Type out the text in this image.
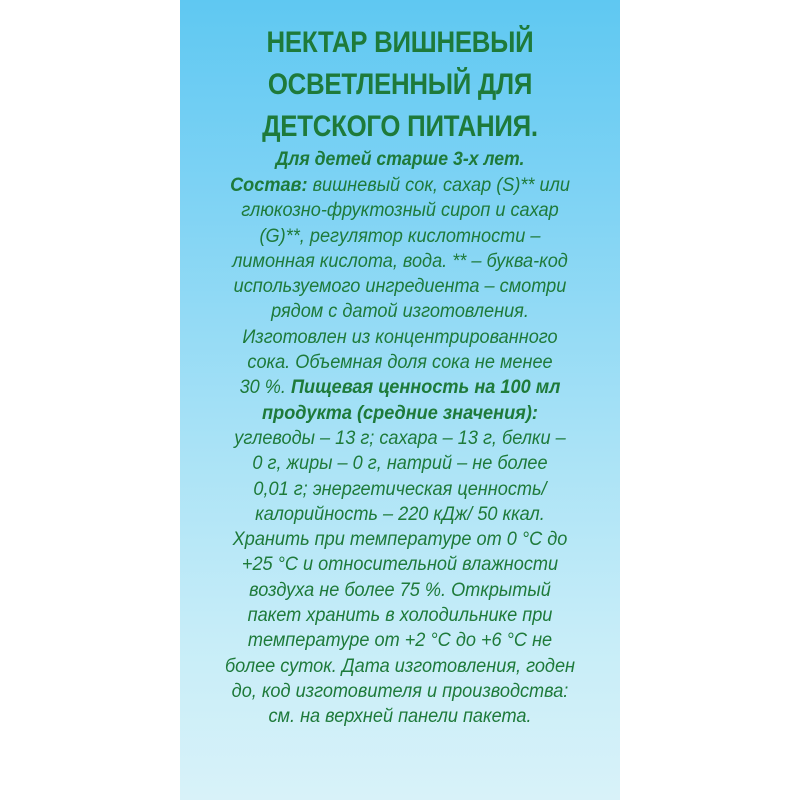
НЕКТАР ВИШНЕВЫЙ
ОСВЕТЛЕННЫЙ ДЛЯ
ДЕТСКОГО ПИТАНИЯ.
Для детей старше 3-х лет.
Состав: вишневый сок, сахар (S)** или
глюкозно-фруктозный сироп и сахар
(G)**, регулятор кислотности –
лимонная кислота, вода. ** – буква-код
используемого ингредиента – смотри
рядом с датой изготовления.
Изготовлен из концентрированного
сока. Объемная доля сока не менее
30 %. Пищевая ценность на 100 мл
продукта (средние значения):
углеводы – 13 г; сахара – 13 г, белки –
0 г, жиры – 0 г, натрий – не более
0,01 г; энергетическая ценность/
калорийность – 220 кДж/ 50 ккал.
Хранить при температуре от 0 °С до
+25 °С и относительной влажности
воздуха не более 75 %. Открытый
пакет хранить в холодильнике при
температуре от +2 °С до +6 °С не
более суток. Дата изготовления, годен
до, код изготовителя и производства:
см. на верхней панели пакета.
